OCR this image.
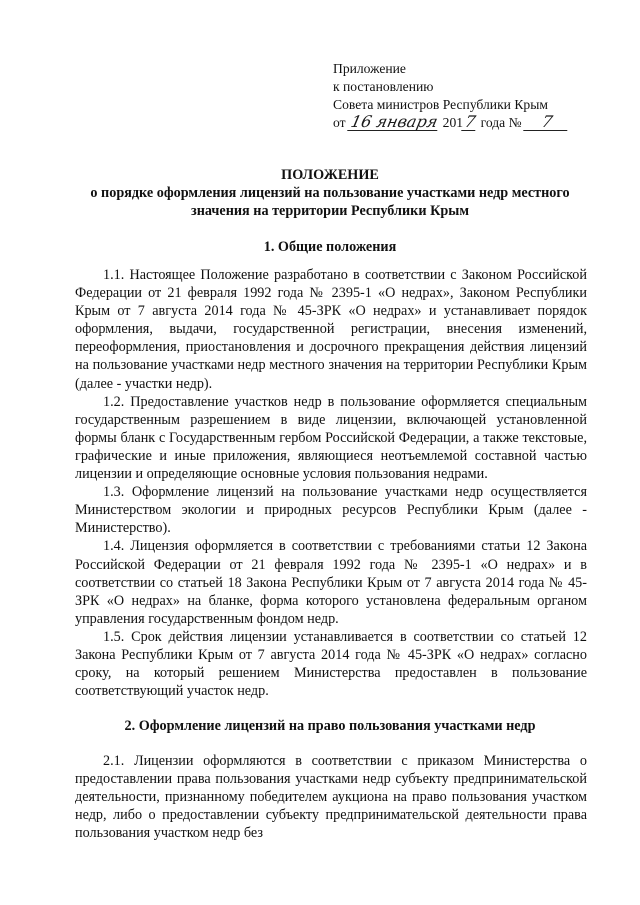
Приложение
к постановлению
Совета министров Республики Крым
от 16 января 2017 года № 7
ПОЛОЖЕНИЕ
о порядке оформления лицензий на пользование участками недр местного значения на территории Республики Крым
1. Общие положения

1.1. Настоящее Положение разработано в соответствии с Законом Российской Федерации от 21 февраля 1992 года № 2395-1 «О недрах», Законом Республики Крым от 7 августа 2014 года № 45-ЗРК «О недрах» и устанавливает порядок оформления, выдачи, государственной регистрации, внесения изменений, переоформления, приостановления и досрочного прекращения действия лицензий на пользование участками недр местного значения на территории Республики Крым (далее - участки недр).

1.2. Предоставление участков недр в пользование оформляется специальным государственным разрешением в виде лицензии, включающей установленной формы бланк с Государственным гербом Российской Федерации, а также текстовые, графические и иные приложения, являющиеся неотъемлемой составной частью лицензии и определяющие основные условия пользования недрами.

1.3. Оформление лицензий на пользование участками недр осуществляется Министерством экологии и природных ресурсов Республики Крым (далее - Министерство).

1.4. Лицензия оформляется в соответствии с требованиями статьи 12 Закона Российской Федерации от 21 февраля 1992 года № 2395-1 «О недрах» и в соответствии со статьей 18 Закона Республики Крым от 7 августа 2014 года № 45-ЗРК «О недрах» на бланке, форма которого установлена федеральным органом управления государственным фондом недр.

1.5. Срок действия лицензии устанавливается в соответствии со статьей 12 Закона Республики Крым от 7 августа 2014 года № 45-ЗРК «О недрах» согласно сроку, на который решением Министерства предоставлен в пользование соответствующий участок недр.

2. Оформление лицензий на право пользования участками недр

2.1. Лицензии оформляются в соответствии с приказом Министерства о предоставлении права пользования участками недр субъекту предпринимательской деятельности, признанному победителем аукциона на право пользования участком недр, либо о предоставлении субъекту предпринимательской деятельности права пользования участком недр без
